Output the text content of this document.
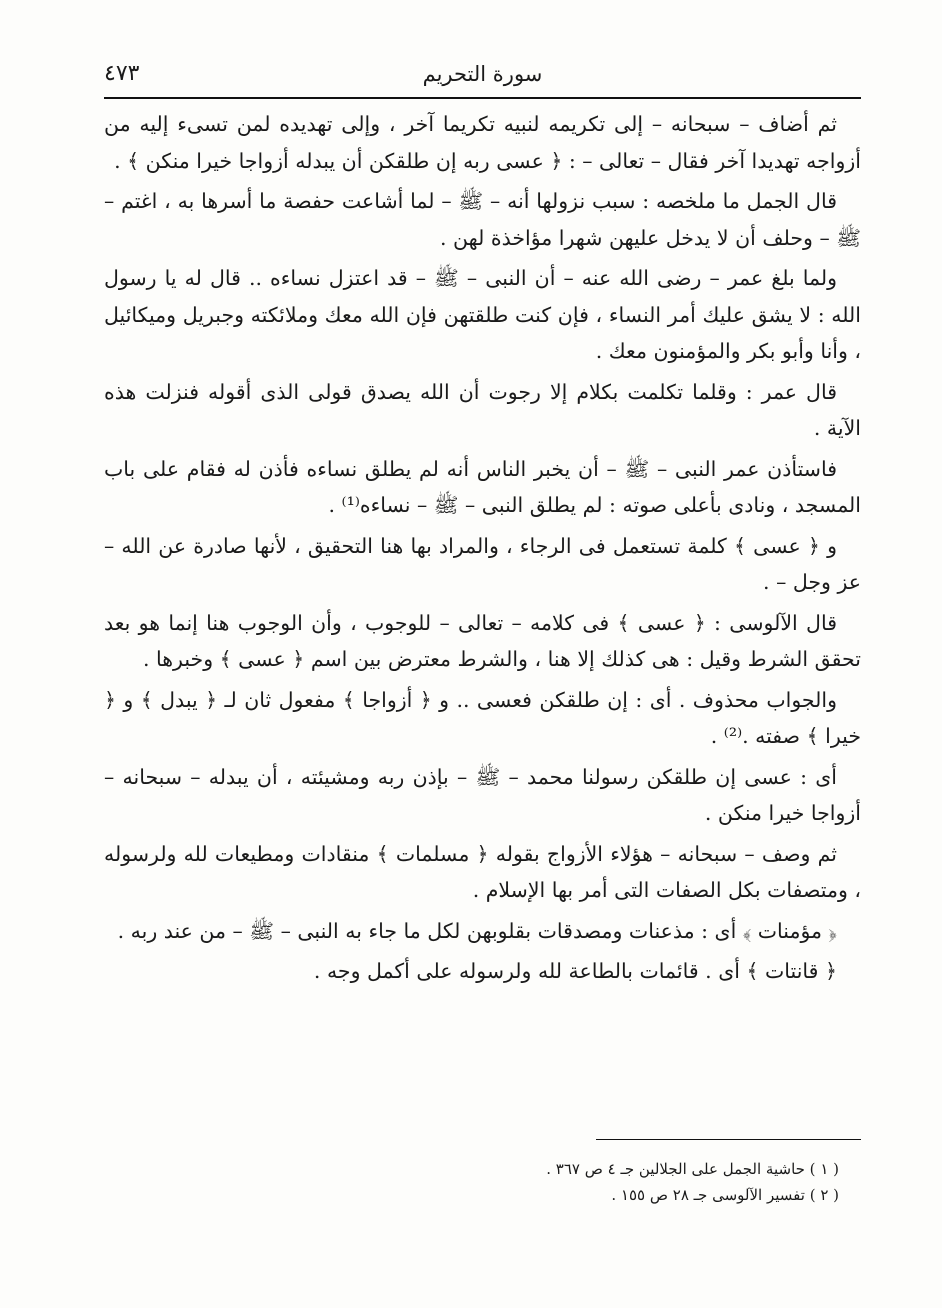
سورة التحريم
٤٧٣

ثم أضاف – سبحانه – إلى تكريمه لنبيه تكريما آخر ، وإلى تهديده لمن تسىء إليه من أزواجه تهديدا آخر فقال – تعالى – : ﴿ عسى ربه إن طلقكن أن يبدله أزواجا خيرا منكن ﴾ .

قال الجمل ما ملخصه : سبب نزولها أنه – ﷺ – لما أشاعت حفصة ما أسرها به ، اغتم – ﷺ – وحلف أن لا يدخل عليهن شهرا مؤاخذة لهن .

ولما بلغ عمر – رضى الله عنه – أن النبى – ﷺ – قد اعتزل نساءه .. قال له يا رسول الله : لا يشق عليك أمر النساء ، فإن كنت طلقتهن فإن الله معك وملائكته وجبريل وميكائيل ، وأنا وأبو بكر والمؤمنون معك .

قال عمر : وقلما تكلمت بكلام إلا رجوت أن الله يصدق قولى الذى أقوله فنزلت هذه الآية .

فاستأذن عمر النبى – ﷺ – أن يخبر الناس أنه لم يطلق نساءه فأذن له فقام على باب المسجد ، ونادى بأعلى صوته : لم يطلق النبى – ﷺ – نساءه⁽¹⁾ .

و ﴿ عسى ﴾ كلمة تستعمل فى الرجاء ، والمراد بها هنا التحقيق ، لأنها صادرة عن الله – عز وجل – .

قال الآلوسى : ﴿ عسى ﴾ فى كلامه – تعالى – للوجوب ، وأن الوجوب هنا إنما هو بعد تحقق الشرط وقيل : هى كذلك إلا هنا ، والشرط معترض بين اسم ﴿ عسى ﴾ وخبرها .

والجواب محذوف . أى : إن طلقكن فعسى .. و ﴿ أزواجا ﴾ مفعول ثان لـ ﴿ يبدل ﴾ و ﴿ خيرا ﴾ صفته .⁽²⁾ .

أى : عسى إن طلقكن رسولنا محمد – ﷺ – بإذن ربه ومشيئته ، أن يبدله – سبحانه – أزواجا خيرا منكن .

ثم وصف – سبحانه – هؤلاء الأزواج بقوله ﴿ مسلمات ﴾ منقادات ومطيعات لله ولرسوله ، ومتصفات بكل الصفات التى أمر بها الإسلام .

﴿ مؤمنات ﴾ أى : مذعنات ومصدقات بقلوبهن لكل ما جاء به النبى – ﷺ – من عند ربه .

﴿ قانتات ﴾ أى . قائمات بالطاعة لله ولرسوله على أكمل وجه .

( ١ ) حاشية الجمل على الجلالين جـ ٤ ص ٣٦٧ .

( ٢ ) تفسير الآلوسى جـ ٢٨ ص ١٥٥ .
